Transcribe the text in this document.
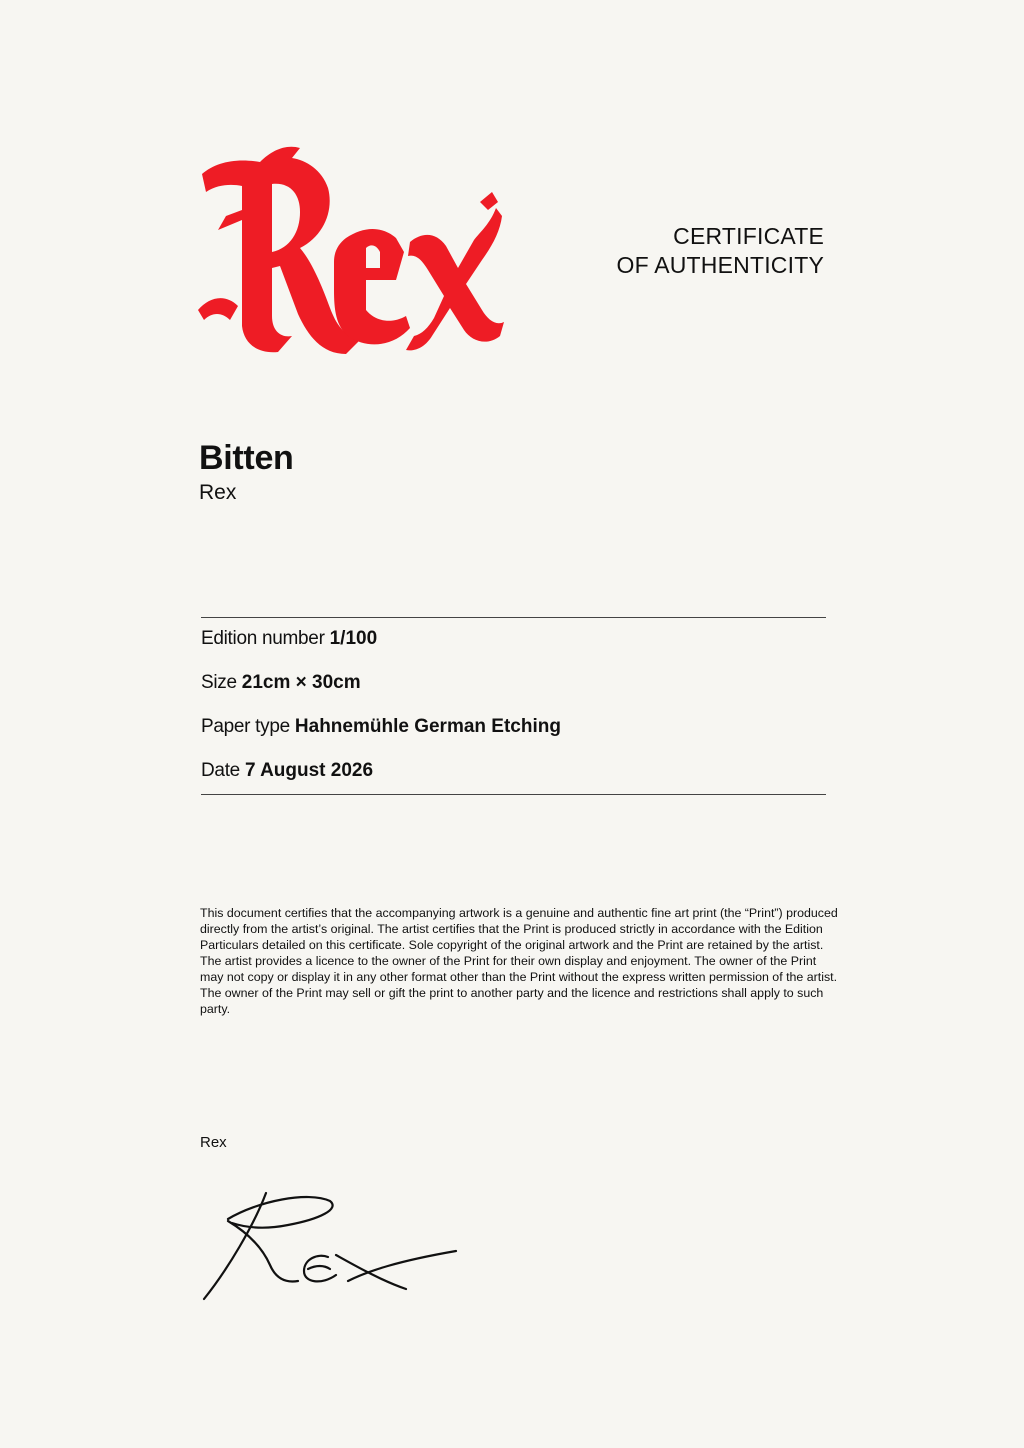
CERTIFICATE
OF AUTHENTICITY
Bitten
Rex
Edition number 1/100
Size 21cm × 30cm
Paper type Hahnemühle German Etching
Date 7 August 2026

This document certifies that the accompanying artwork is a genuine and authentic fine art print (the “Print”) produced directly from the artist’s original. The artist certifies that the Print is produced strictly in accordance with the Edition Particulars detailed on this certificate. Sole copyright of the original artwork and the Print are retained by the artist. The artist provides a licence to the owner of the Print for their own display and enjoyment. The owner of the Print may not copy or display it in any other format other than the Print without the express written permission of the artist. The owner of the Print may sell or gift the print to another party and the licence and restrictions shall apply to such party.

Rex
